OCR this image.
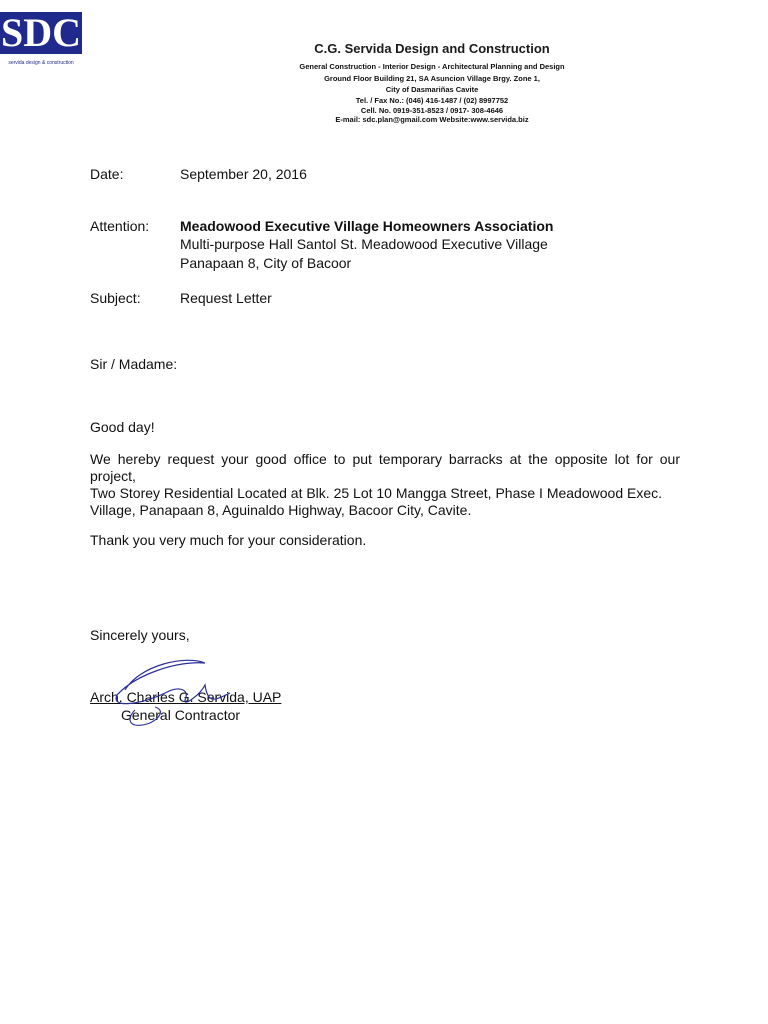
SDC
servida design & construction
C.G. Servida Design and Construction
General Construction - Interior Design - Architectural Planning and Design
Ground Floor Building 21, SA Asuncion Village Brgy. Zone 1,
City of Dasmariñas Cavite
Tel. / Fax No.: (046) 416-1487 / (02) 8997752
Cell. No. 0919-351-8523 / 0917- 308-4646
E-mail: sdc.plan@gmail.com Website:www.servida.biz
Date:	September 20, 2016
Attention: Meadowood Executive Village Homeowners Association
Multi-purpose Hall Santol St. Meadowood Executive Village
Panapaan 8, City of Bacoor
Subject:	Request Letter
Sir / Madame:
Good day!
We hereby request your good office to put temporary barracks at the opposite lot for our project,
Two Storey Residential Located at Blk. 25 Lot 10 Mangga Street, Phase I Meadowood Exec.
Village, Panapaan 8, Aguinaldo Highway, Bacoor City, Cavite.
Thank you very much for your consideration.
Sincerely yours,
Arch. Charles G. Servida, UAP
General Contractor
